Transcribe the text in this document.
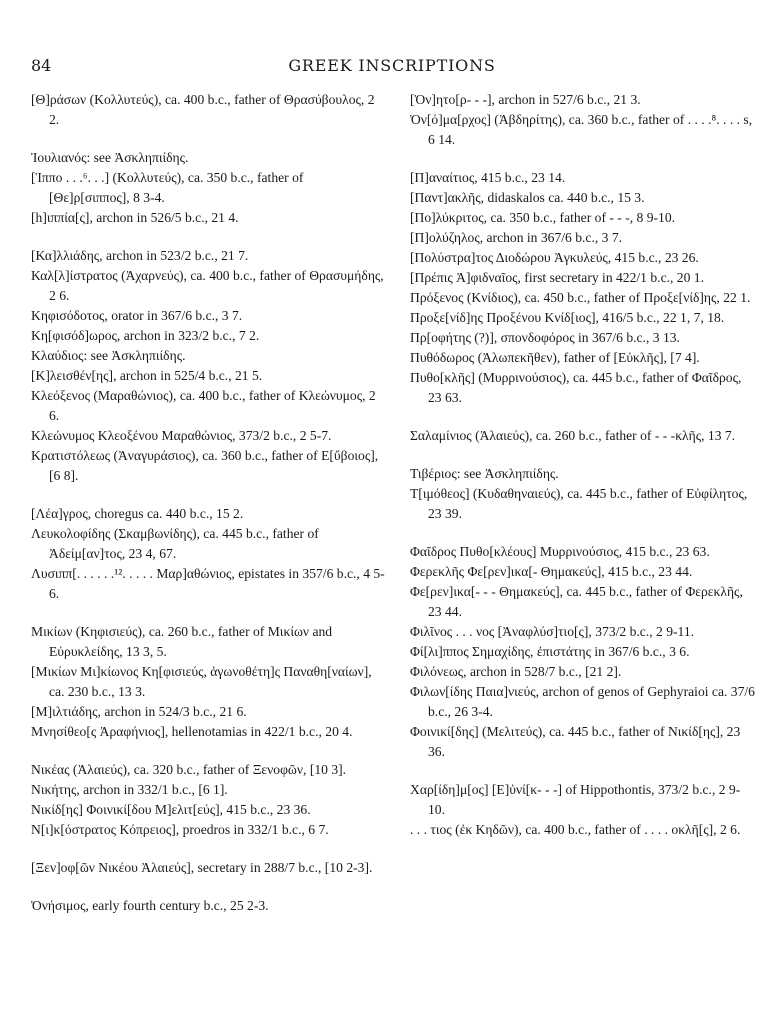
84	GREEK INSCRIPTIONS
[Θ]ράσων (Κολλυτεύς), ca. 400 b.c., father of Θρασύβουλος, 2 2.
Ἰουλιανός: see Ἀσκληπιίδης.
[Ἱππο . . .⁶. . .] (Κολλυτεύς), ca. 350 b.c., father of [Θε]ρ[σιππος], 8 3-4.
[h]ιππία[ς], archon in 526/5 b.c., 21 4.
[Κα]λλιάδης, archon in 523/2 b.c., 21 7.
Καλ[λ]ίστρατος (Ἀχαρνεύς), ca. 400 b.c., father of Θρασυμήδης, 2 6.
Κηφισόδοτος, orator in 367/6 b.c., 3 7.
Κη[φισόδ]ωρος, archon in 323/2 b.c., 7 2.
Κλαύδιος: see Ἀσκληπιίδης.
[Κ]λεισθέν[ης], archon in 525/4 b.c., 21 5.
Κλεόξενος (Μαραθώνιος), ca. 400 b.c., father of Κλεώνυμος, 2 6.
Κλεώνυμος Κλεοξένου Μαραθώνιος, 373/2 b.c., 2 5-7.
Κρατιστόλεως (Ἀναγυράσιος), ca. 360 b.c., father of Ε[ὔβοιος], [6 8].
[Λέα]γρος, choregus ca. 440 b.c., 15 2.
Λευκολοφίδης (Σκαμβωνίδης), ca. 445 b.c., father of Ἀδείμ[αν]τος, 23 4, 67.
Λυσιππ[. . . . . .¹². . . . . Μαρ]αθώνιος, epistates in 357/6 b.c., 4 5-6.
Μικίων (Κηφισιεύς), ca. 260 b.c., father of Μικίων and Εὐρυκλείδης, 13 3, 5.
[Μικίων Μι]κίωνος Κη[φισιεύς, ἀγωνοθέτη]ς Παναθη[ναίων], ca. 230 b.c., 13 3.
[Μ]ιλτιάδης, archon in 524/3 b.c., 21 6.
Μνησίθεο[ς Ἀραφήνιος], hellenotamias in 422/1 b.c., 20 4.
Νικέας (Ἀλαιεύς), ca. 320 b.c., father of Ξενοφῶν, [10 3].
Νικήτης, archon in 332/1 b.c., [6 1].
Νικίδ[ης] Φοινικί[δου Μ]ελιτ[εύς], 415 b.c., 23 36.
Ν[ι]κ[όστρατος Κόπρειος], proedros in 332/1 b.c., 6 7.
[Ξεν]οφ[ῶν Νικέου Ἀλαιεύς], secretary in 288/7 b.c., [10 2-3].
Ὀνήσιμος, early fourth century b.c., 25 2-3.
[Ὀν]ητο[ρ- - -], archon in 527/6 b.c., 21 3.
Ὀν[ό]μα[ρχος] (Ἀβδηρίτης), ca. 360 b.c., father of . . . .⁸. . . . s, 6 14.
[Π]αναίτιος, 415 b.c., 23 14.
[Παντ]ακλῆς, didaskalos ca. 440 b.c., 15 3.
[Πο]λύκριτος, ca. 350 b.c., father of - - -, 8 9-10.
[Π]ολύζηλος, archon in 367/6 b.c., 3 7.
[Πολύστρα]τος Διοδώρου Ἀγκυλεύς, 415 b.c., 23 26.
[Πρέπις Ἀ]φιδναῖος, first secretary in 422/1 b.c., 20 1.
Πρόξενος (Κνίδιος), ca. 450 b.c., father of Προξε[νίδ]ης, 22 1.
Προξε[νίδ]ης Προξένου Κνίδ[ιος], 416/5 b.c., 22 1, 7, 18.
Πρ[οφήτης (?)], σπονδοφόρος in 367/6 b.c., 3 13.
Πυθόδωρος (Ἀλωπεκῆθεν), father of [Εὐκλῆς], [7 4].
Πυθο[κλῆς] (Μυρρινούσιος), ca. 445 b.c., father of Φαῖδρος, 23 63.
Σαλαμίνιος (Ἀλαιεύς), ca. 260 b.c., father of - - -κλῆς, 13 7.
Τιβέριος: see Ἀσκληπιίδης.
Τ[ιμόθεος] (Κυδαθηναιεύς), ca. 445 b.c., father of Εὐφίλητος, 23 39.
Φαῖδρος Πυθο[κλέους] Μυρρινούσιος, 415 b.c., 23 63.
Φερεκλῆς Φε[ρεν]ικα[- Θημακεύς], 415 b.c., 23 44.
Φε[ρεν]ικα[- - - Θημακεύς], ca. 445 b.c., father of Φερεκλῆς, 23 44.
Φιλῖνος . . . νος [Ἀναφλύσ]τιο[ς], 373/2 b.c., 2 9-11.
Φί[λι]ππος Σημαχίδης, ἐπιστάτης in 367/6 b.c., 3 6.
Φιλόνεως, archon in 528/7 b.c., [21 2].
Φιλων[ίδης Παια]νιεύς, archon of genos of Gephyraioi ca. 37/6 b.c., 26 3-4.
Φοινικί[δης] (Μελιτεύς), ca. 445 b.c., father of Νικίδ[ης], 23 36.
Χαρ[ίδη]μ[ος] [Ε]ὐνί[κ- - -] of Hippothontis, 373/2 b.c., 2 9-10.
. . . τιος (ἐκ Κηδῶν), ca. 400 b.c., father of . . . . οκλῆ[ς], 2 6.
